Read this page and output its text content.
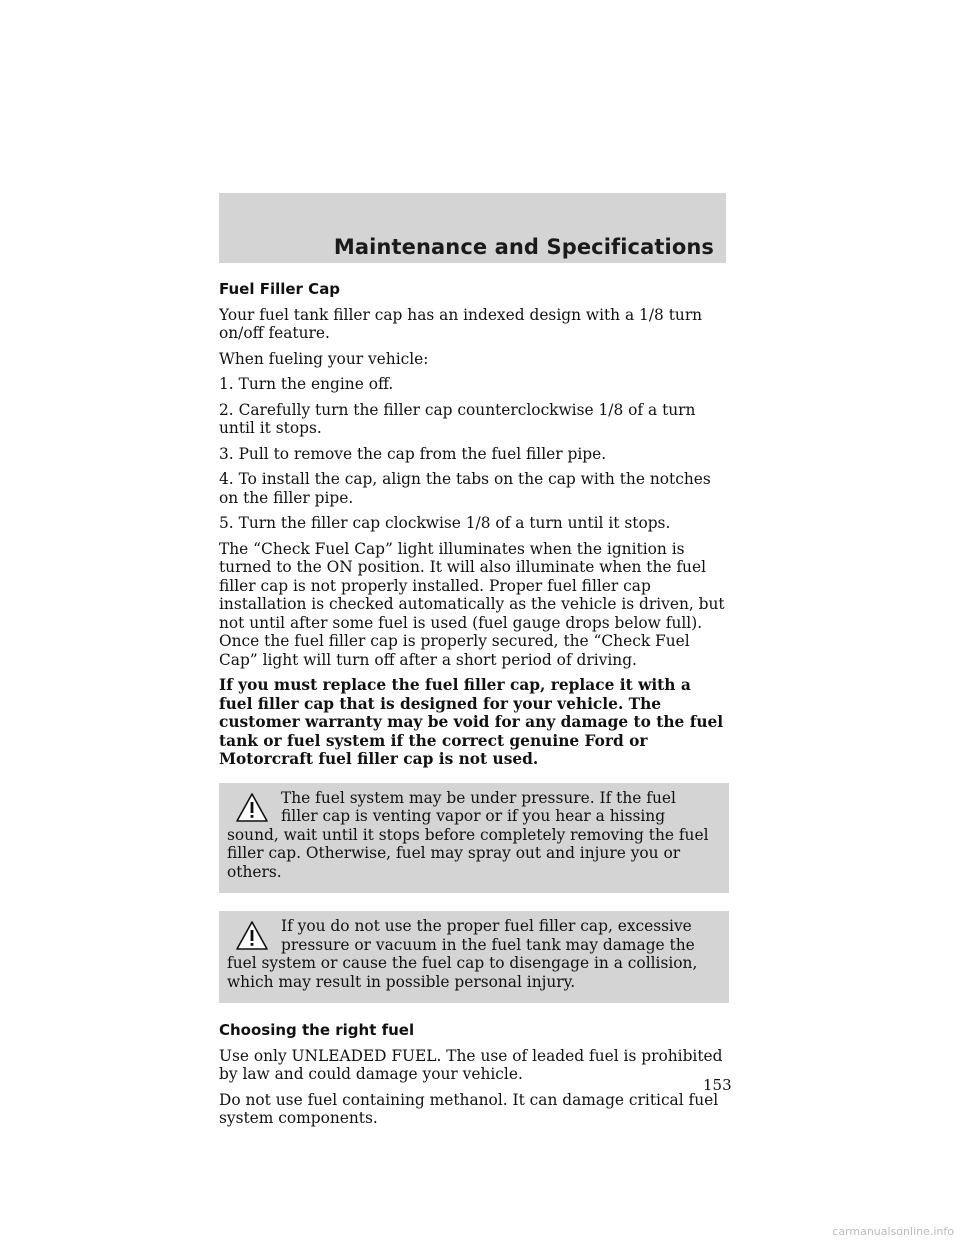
Maintenance and Specifications
Fuel Filler Cap

Your fuel tank filler cap has an indexed design with a 1/8 turn on/off feature.

When fueling your vehicle:

1. Turn the engine off.

2. Carefully turn the filler cap counterclockwise 1/8 of a turn until it stops.

3. Pull to remove the cap from the fuel filler pipe.

4. To install the cap, align the tabs on the cap with the notches on the filler pipe.

5. Turn the filler cap clockwise 1/8 of a turn until it stops.

The “Check Fuel Cap” light illuminates when the ignition is turned to the ON position. It will also illuminate when the fuel filler cap is not properly installed. Proper fuel filler cap installation is checked automatically as the vehicle is driven, but not until after some fuel is used (fuel gauge drops below full). Once the fuel filler cap is properly secured, the “Check Fuel Cap” light will turn off after a short period of driving.

If you must replace the fuel filler cap, replace it with a fuel filler cap that is designed for your vehicle. The customer warranty may be void for any damage to the fuel tank or fuel system if the correct genuine Ford or Motorcraft fuel filler cap is not used.

The fuel system may be under pressure. If the fuel filler cap is venting vapor or if you hear a hissing sound, wait until it stops before completely removing the fuel filler cap. Otherwise, fuel may spray out and injure you or others.

If you do not use the proper fuel filler cap, excessive pressure or vacuum in the fuel tank may damage the fuel system or cause the fuel cap to disengage in a collision, which may result in possible personal injury.

Choosing the right fuel

Use only UNLEADED FUEL. The use of leaded fuel is prohibited by law and could damage your vehicle.

Do not use fuel containing methanol. It can damage critical fuel system components.

153
carmanualsonline.info
